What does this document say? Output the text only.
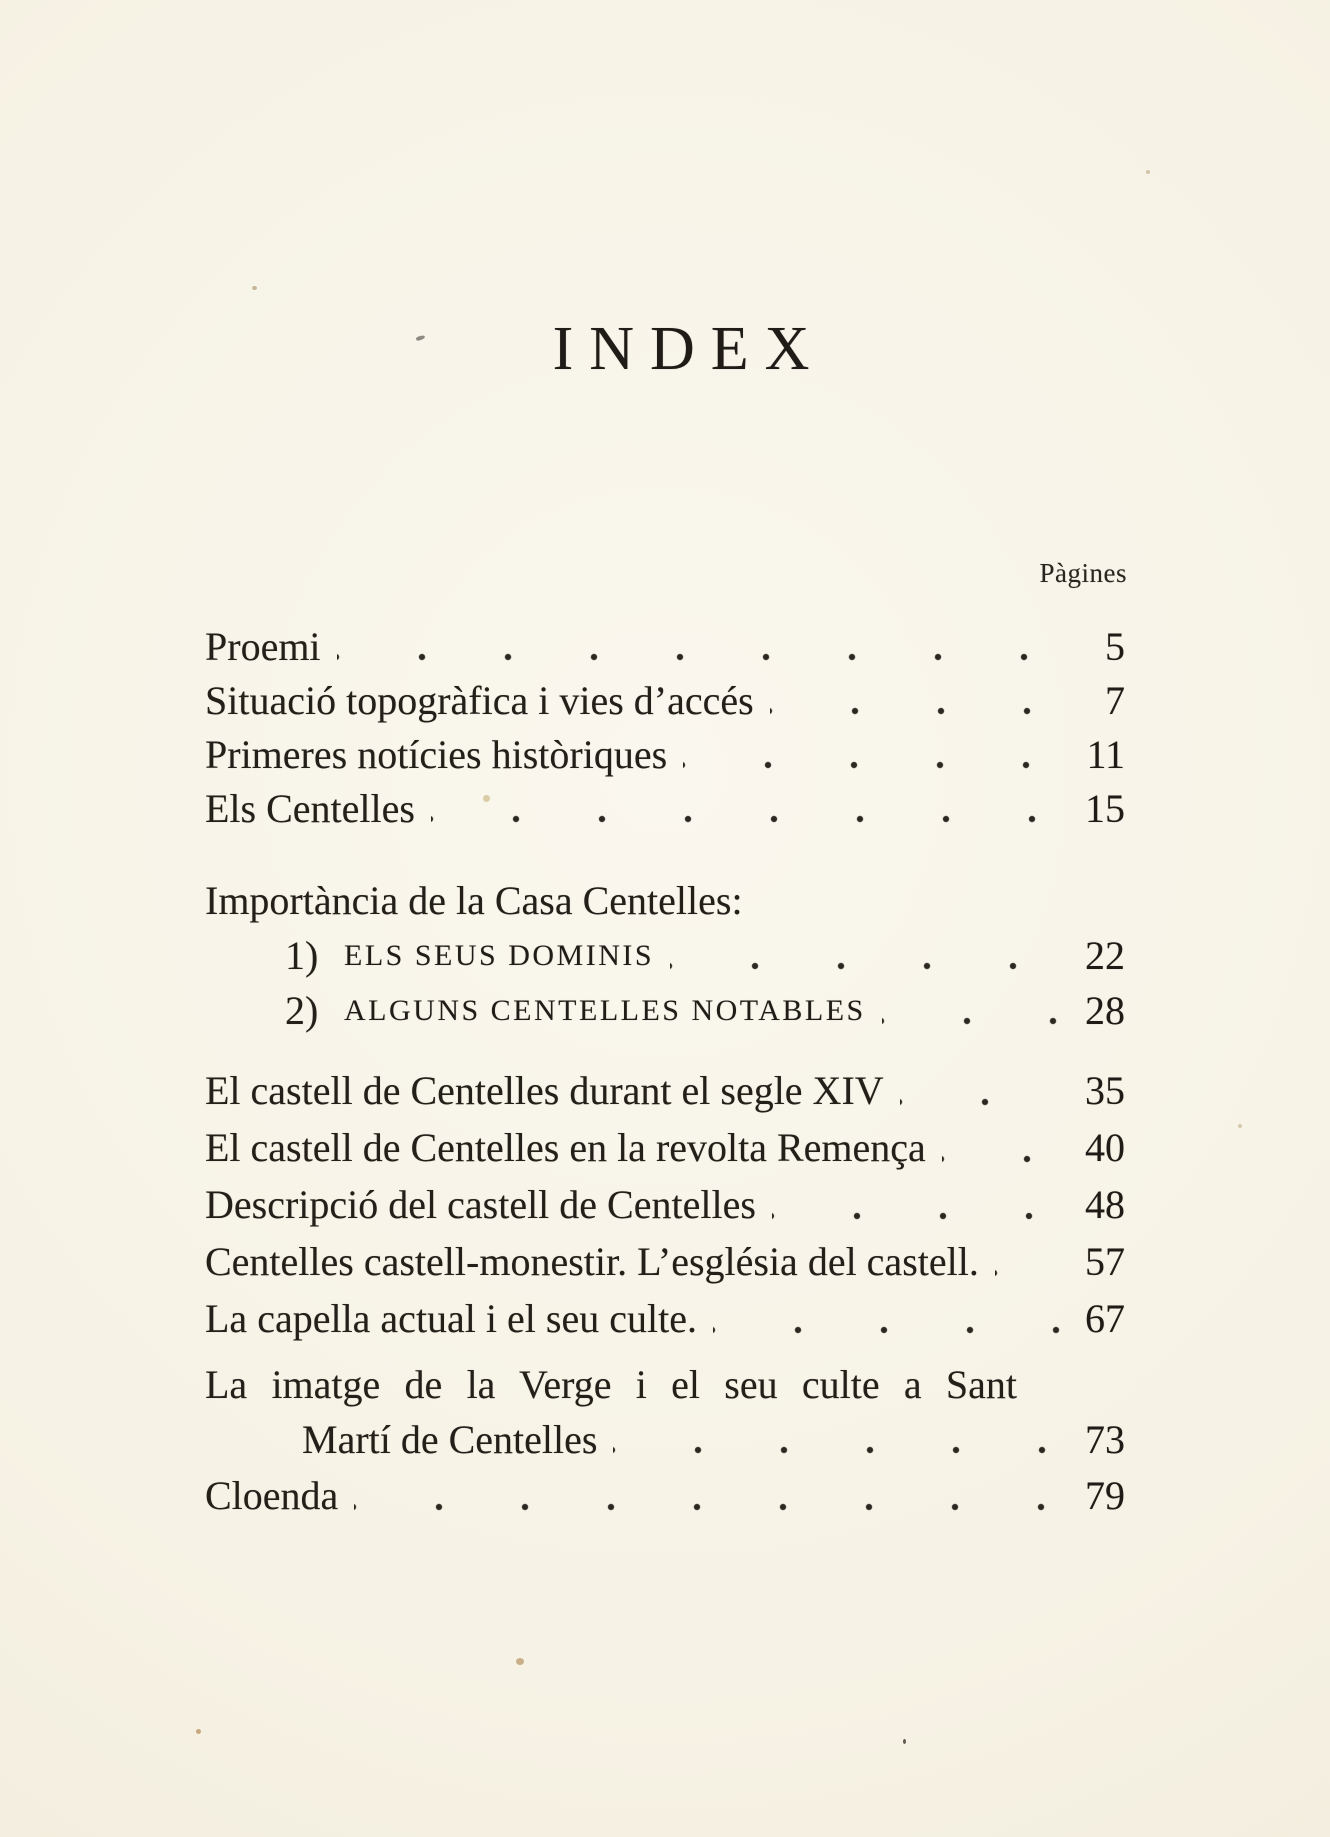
INDEX
Pàgines
Proemi	5
Situació topogràfica i vies d’accés	7
Primeres notícies històriques	11
Els Centelles	15
Importància de la Casa Centelles:
1) ELS SEUS DOMINIS	22
2) ALGUNS CENTELLES NOTABLES	28
El castell de Centelles durant el segle XIV	35
El castell de Centelles en la revolta Remença	40
Descripció del castell de Centelles	48
Centelles castell-monestir. L’església del castell.	57
La capella actual i el seu culte.	67
La imatge de la Verge i el seu culte a Sant
Martí de Centelles	73
Cloenda	79
